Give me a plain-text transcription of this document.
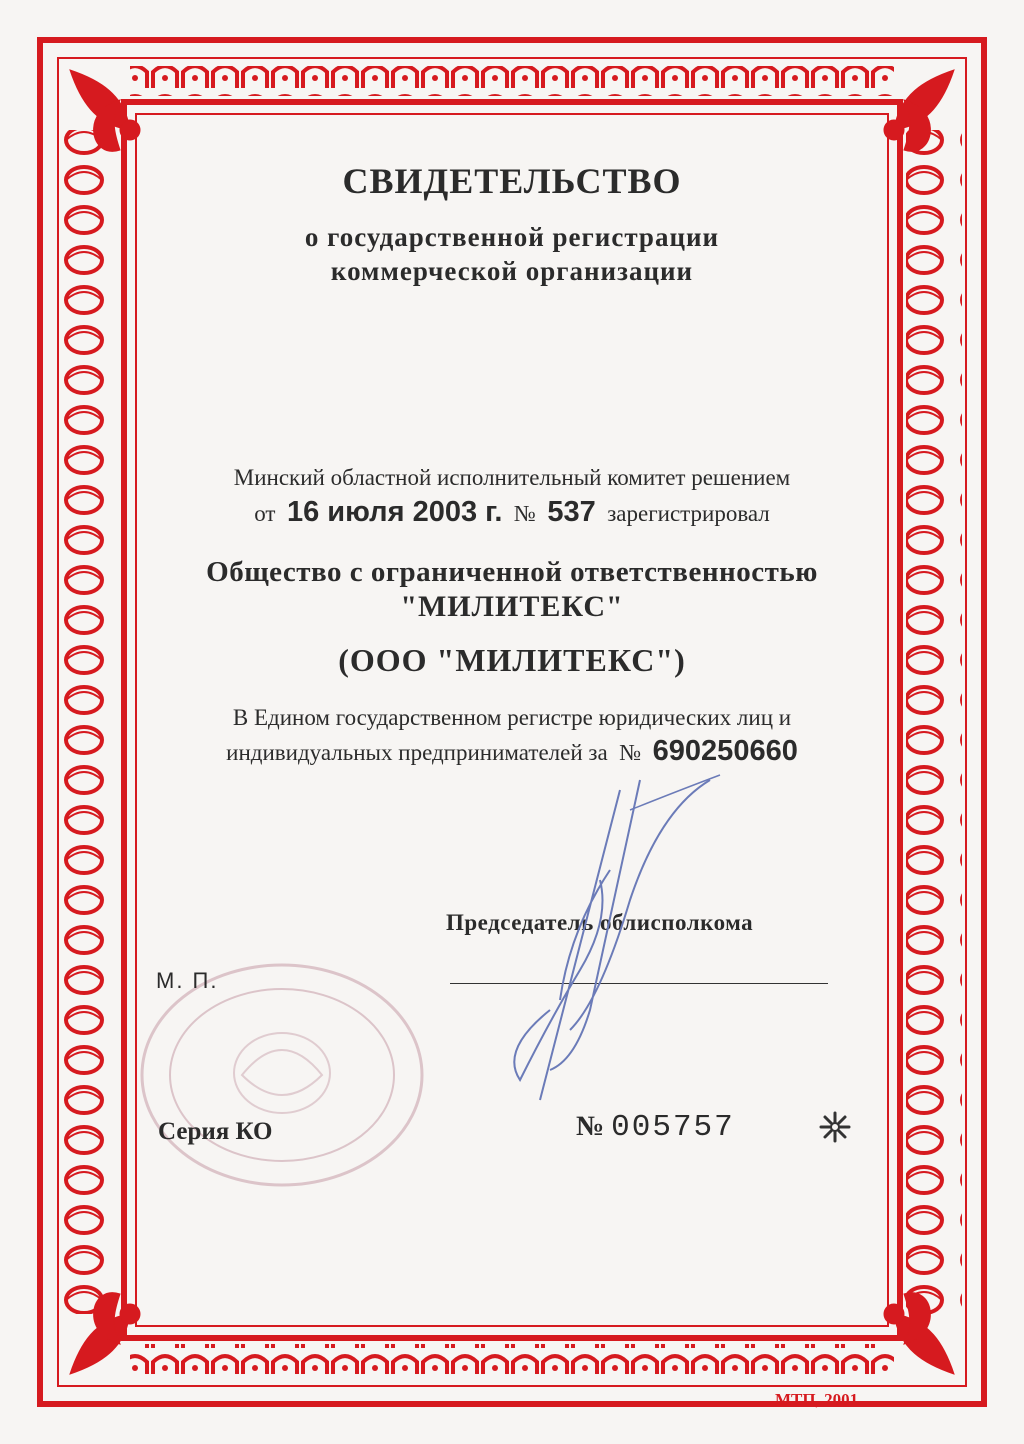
СВИДЕТЕЛЬСТВО
о государственной регистрации
коммерческой организации
Минский областной исполнительный комитет решением
от 16 июля 2003 г. № 537 зарегистрировал
Общество с ограниченной ответственностью
"МИЛИТЕКС"
(ООО "МИЛИТЕКС")
В Едином государственном регистре юридических лиц и
индивидуальных предпринимателей за № 690250660
Председатель облисполкома
М. П.
Серия КО	№ 005757
МТП, 2001
